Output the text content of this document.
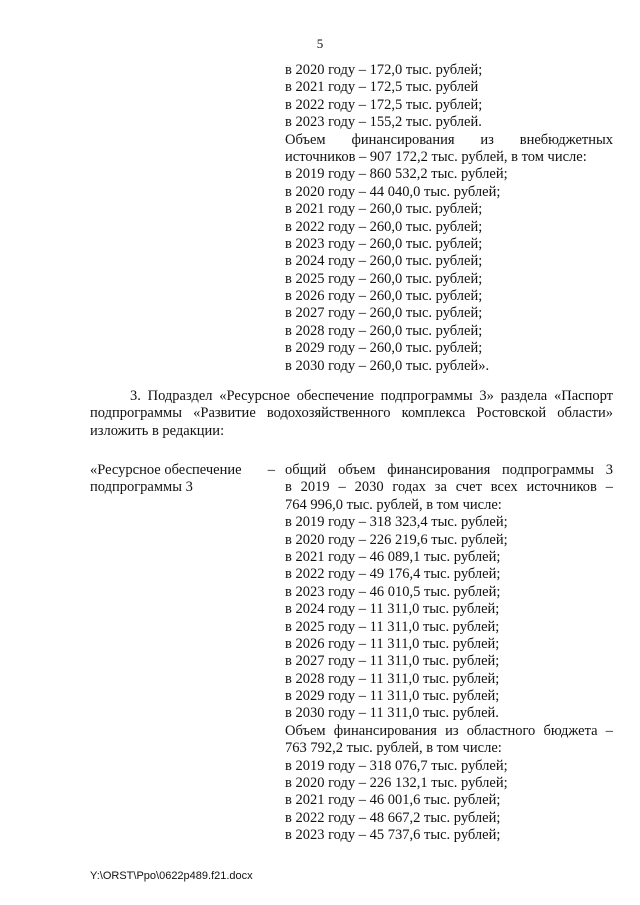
5
в 2020 году – 172,0 тыс. рублей;
в 2021 году – 172,5 тыс. рублей
в 2022 году – 172,5 тыс. рублей;
в 2023 году – 155,2 тыс. рублей.
Объем финансирования из внебюджетных
источников – 907 172,2 тыс. рублей, в том числе:
в 2019 году – 860 532,2 тыс. рублей;
в 2020 году – 44 040,0 тыс. рублей;
в 2021 году – 260,0 тыс. рублей;
в 2022 году – 260,0 тыс. рублей;
в 2023 году – 260,0 тыс. рублей;
в 2024 году – 260,0 тыс. рублей;
в 2025 году – 260,0 тыс. рублей;
в 2026 году – 260,0 тыс. рублей;
в 2027 году – 260,0 тыс. рублей;
в 2028 году – 260,0 тыс. рублей;
в 2029 году – 260,0 тыс. рублей;
в 2030 году – 260,0 тыс. рублей».
3. Подраздел «Ресурсное обеспечение подпрограммы 3» раздела «Паспорт
подпрограммы «Развитие водохозяйственного комплекса Ростовской области»
изложить в редакции:
«Ресурсное обеспечение –
подпрограммы 3
общий объем финансирования подпрограммы 3
в 2019 – 2030 годах за счет всех источников –
764 996,0 тыс. рублей, в том числе:
в 2019 году – 318 323,4 тыс. рублей;
в 2020 году – 226 219,6 тыс. рублей;
в 2021 году – 46 089,1 тыс. рублей;
в 2022 году – 49 176,4 тыс. рублей;
в 2023 году – 46 010,5 тыс. рублей;
в 2024 году – 11 311,0 тыс. рублей;
в 2025 году – 11 311,0 тыс. рублей;
в 2026 году – 11 311,0 тыс. рублей;
в 2027 году – 11 311,0 тыс. рублей;
в 2028 году – 11 311,0 тыс. рублей;
в 2029 году – 11 311,0 тыс. рублей;
в 2030 году – 11 311,0 тыс. рублей.
Объем финансирования из областного бюджета –
763 792,2 тыс. рублей, в том числе:
в 2019 году – 318 076,7 тыс. рублей;
в 2020 году – 226 132,1 тыс. рублей;
в 2021 году – 46 001,6 тыс. рублей;
в 2022 году – 48 667,2 тыс. рублей;
в 2023 году – 45 737,6 тыс. рублей;
Y:\ORST\Ppo\0622p489.f21.docx
